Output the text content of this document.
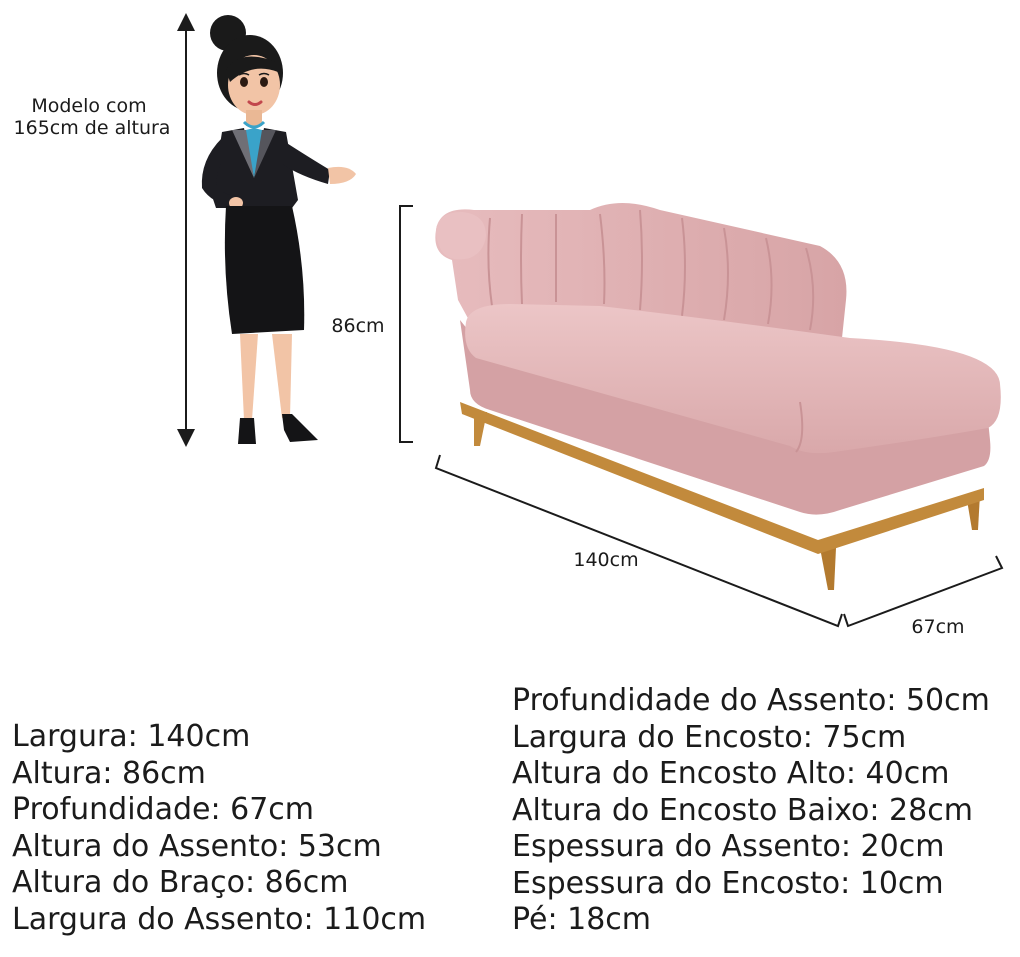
Modelo com 165cm de altura
86cm
140cm
67cm
Largura: 140cm
Altura: 86cm
Profundidade: 67cm
Altura do Assento: 53cm
Altura do Braço: 86cm
Largura do Assento: 110cm
Profundidade do Assento: 50cm
Largura do Encosto: 75cm
Altura do Encosto Alto: 40cm
Altura do Encosto Baixo: 28cm
Espessura do Assento: 20cm
Espessura do Encosto: 10cm
Pé: 18cm
